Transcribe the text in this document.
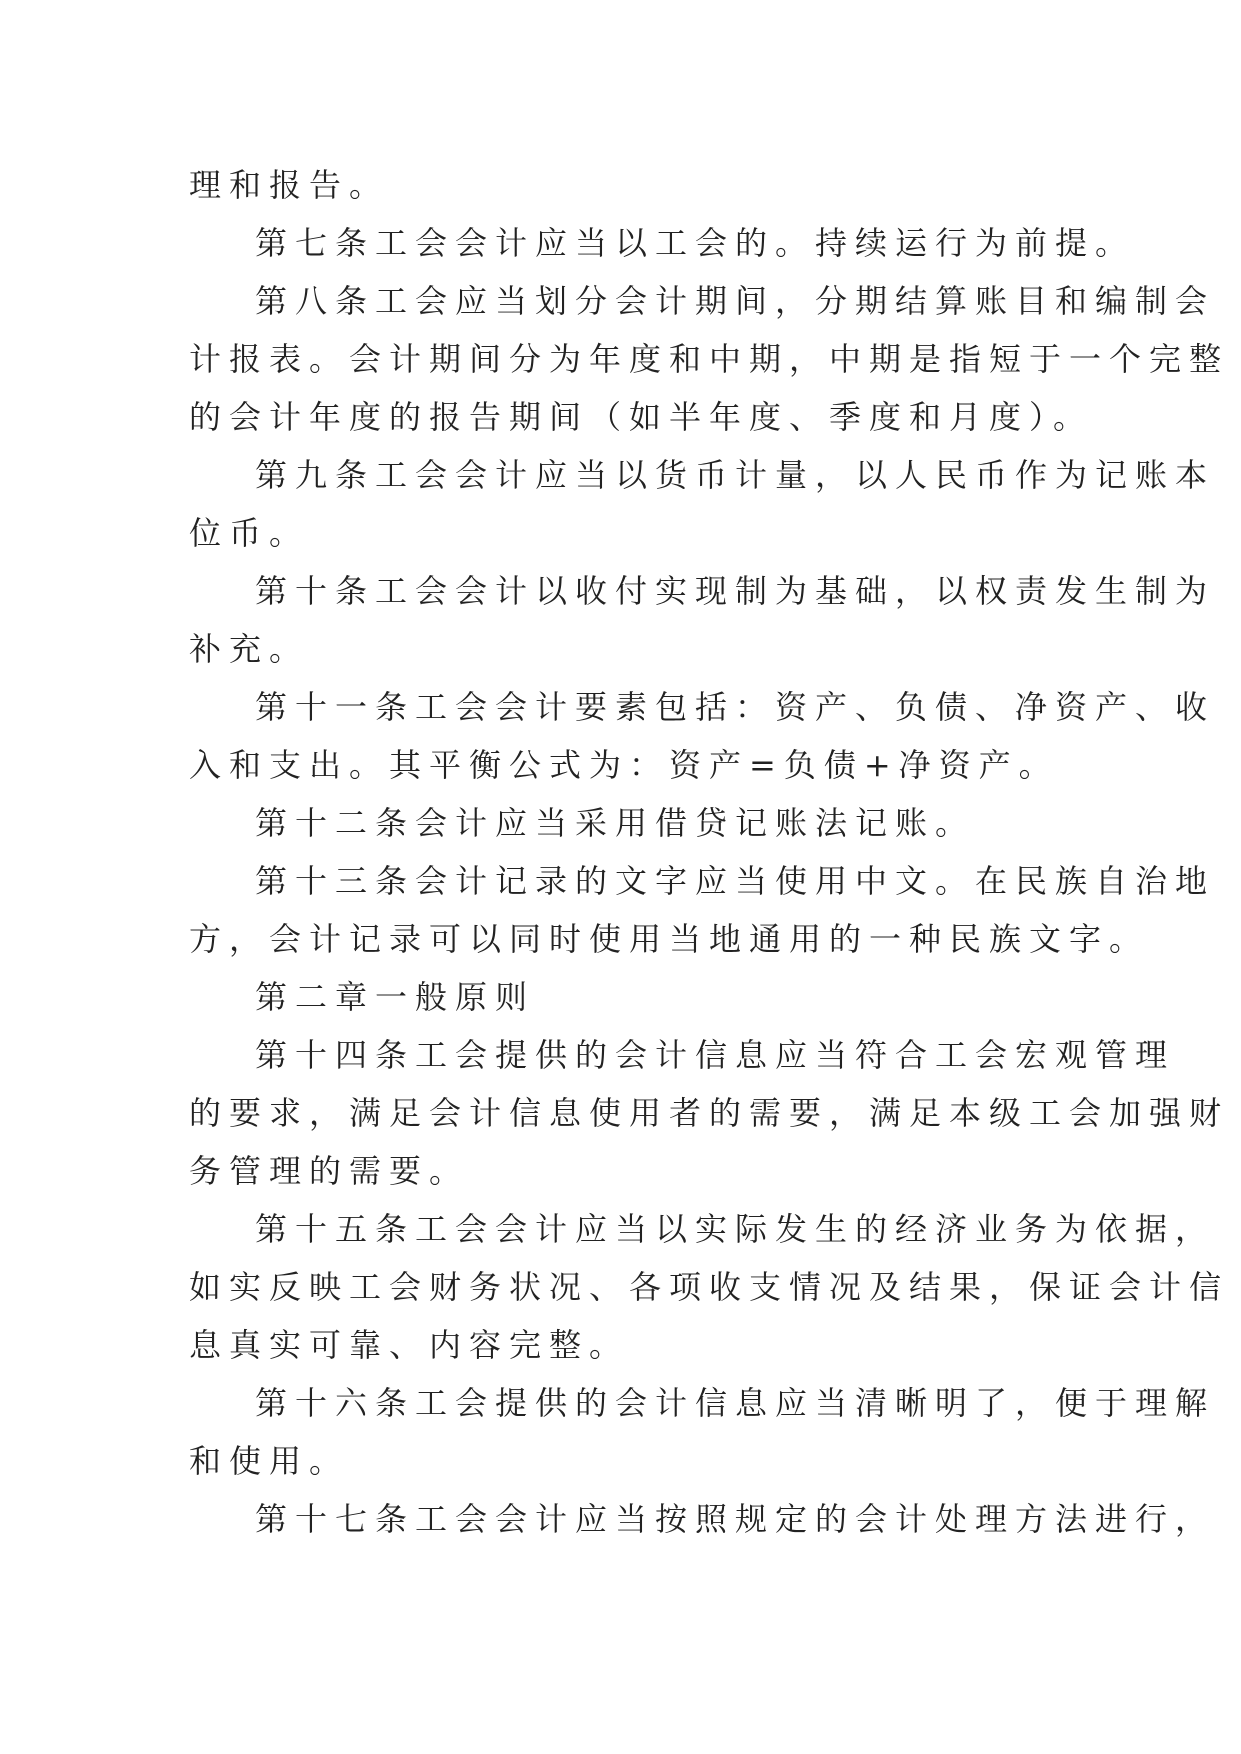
理和报告。
第七条工会会计应当以工会的。持续运行为前提。
第八条工会应当划分会计期间，分期结算账目和编制会
计报表。会计期间分为年度和中期，中期是指短于一个完整
的会计年度的报告期间（如半年度、季度和月度）。
第九条工会会计应当以货币计量，以人民币作为记账本
位币。
第十条工会会计以收付实现制为基础，以权责发生制为
补充。
第十一条工会会计要素包括：资产、负债、净资产、收
入和支出。其平衡公式为：资产=负债+净资产。
第十二条会计应当采用借贷记账法记账。
第十三条会计记录的文字应当使用中文。在民族自治地
方，会计记录可以同时使用当地通用的一种民族文字。
第二章一般原则
第十四条工会提供的会计信息应当符合工会宏观管理
的要求，满足会计信息使用者的需要，满足本级工会加强财
务管理的需要。
第十五条工会会计应当以实际发生的经济业务为依据，
如实反映工会财务状况、各项收支情况及结果，保证会计信
息真实可靠、内容完整。
第十六条工会提供的会计信息应当清晰明了，便于理解
和使用。
第十七条工会会计应当按照规定的会计处理方法进行，
